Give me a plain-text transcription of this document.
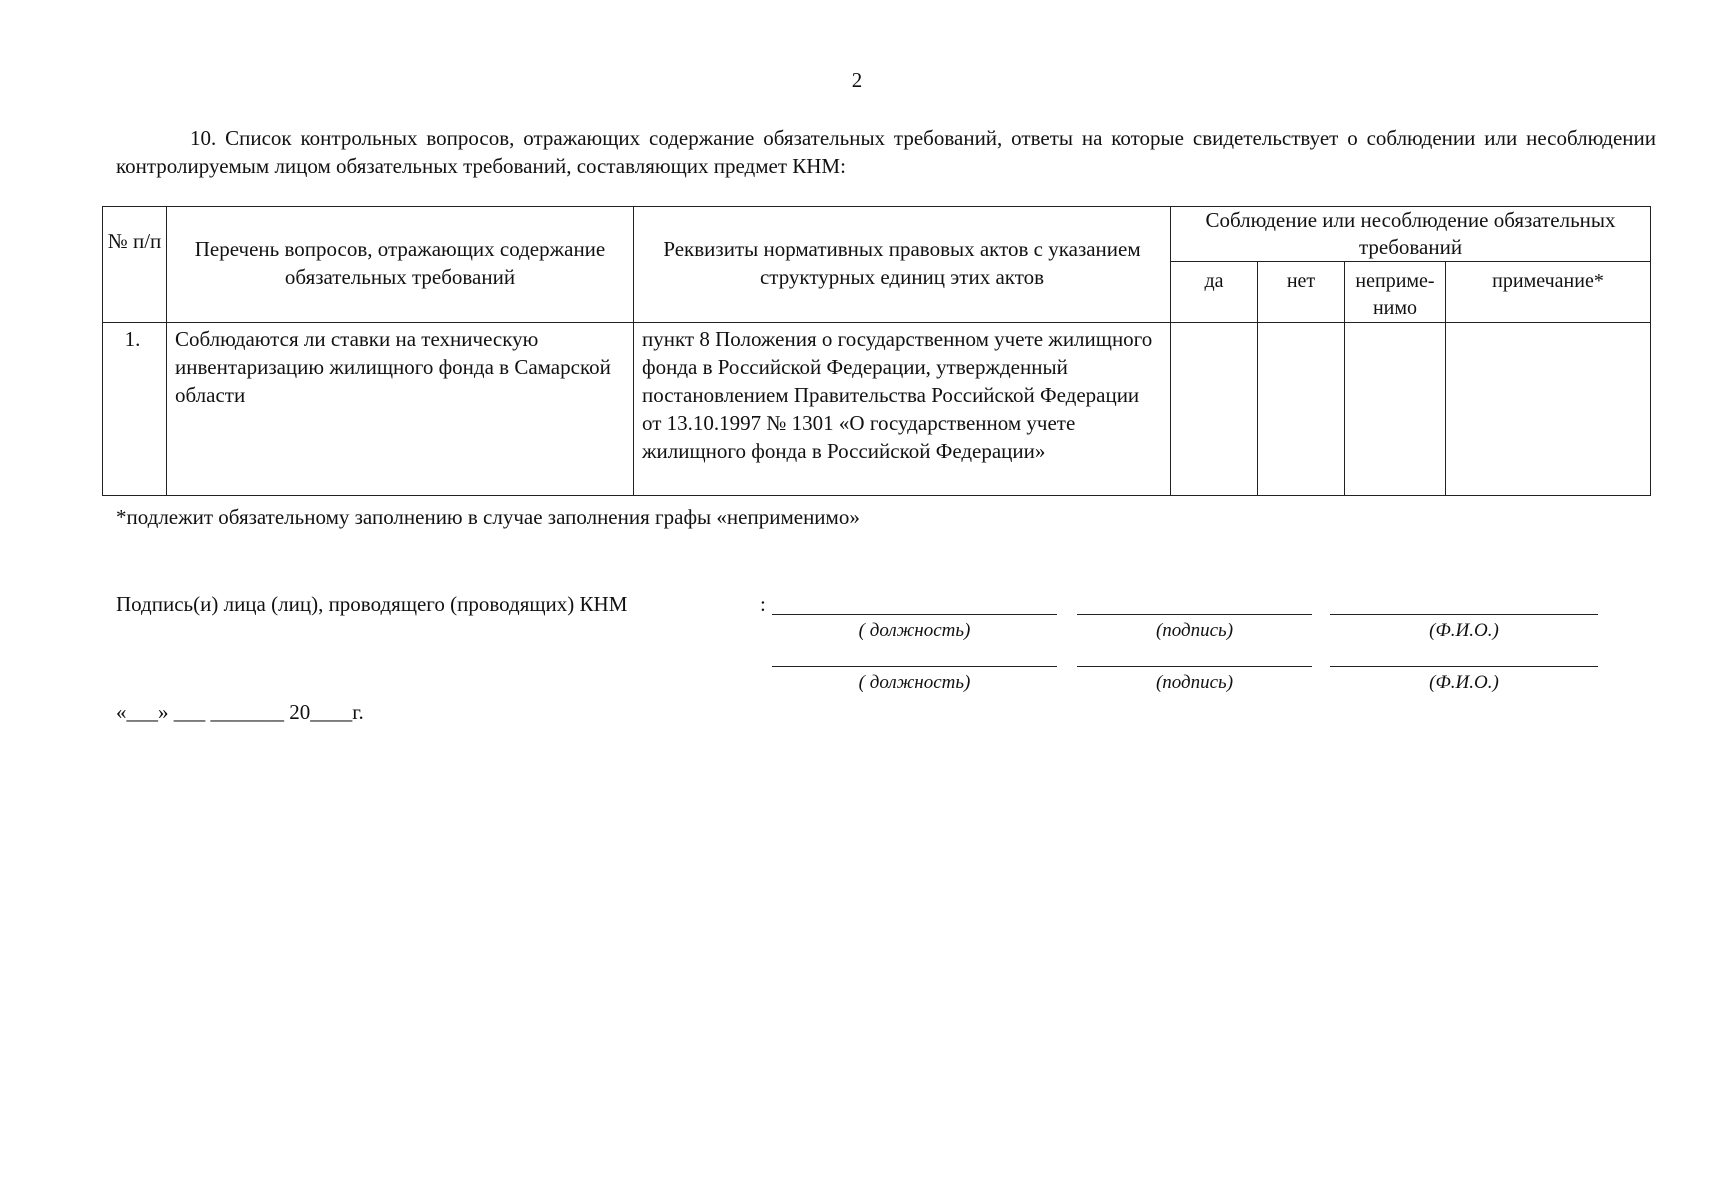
2
10. Список контрольных вопросов, отражающих содержание обязательных требований, ответы на которые свидетельствует о соблюдении или несоблюдении контролируемым лицом обязательных требований, составляющих предмет КНМ:
№ п/п	Перечень вопросов, отражающих содержание обязательных требований	Реквизиты нормативных правовых актов с указанием структурных единиц этих актов	Соблюдение или несоблюдение обязательных требований			
			да	нет	неприме-нимо	примечание*
1.	Соблюдаются ли ставки на техническую инвентаризацию жилищного фонда в Самарской области	пункт 8 Положения о государственном учете жилищного фонда в Российской Федерации, утвержденный постановлением Правительства Российской Федерации от 13.10.1997 № 1301 «О государственном учете жилищного фонда в Российской Федерации»				
*подлежит обязательному заполнению в случае заполнения графы «неприменимо»
Подпись(и) лица (лиц), проводящего (проводящих) КНМ	:
( должность)	(подпись)	(Ф.И.О.)
( должность)	(подпись)	(Ф.И.О.)
«___» ___ _______ 20____г.
